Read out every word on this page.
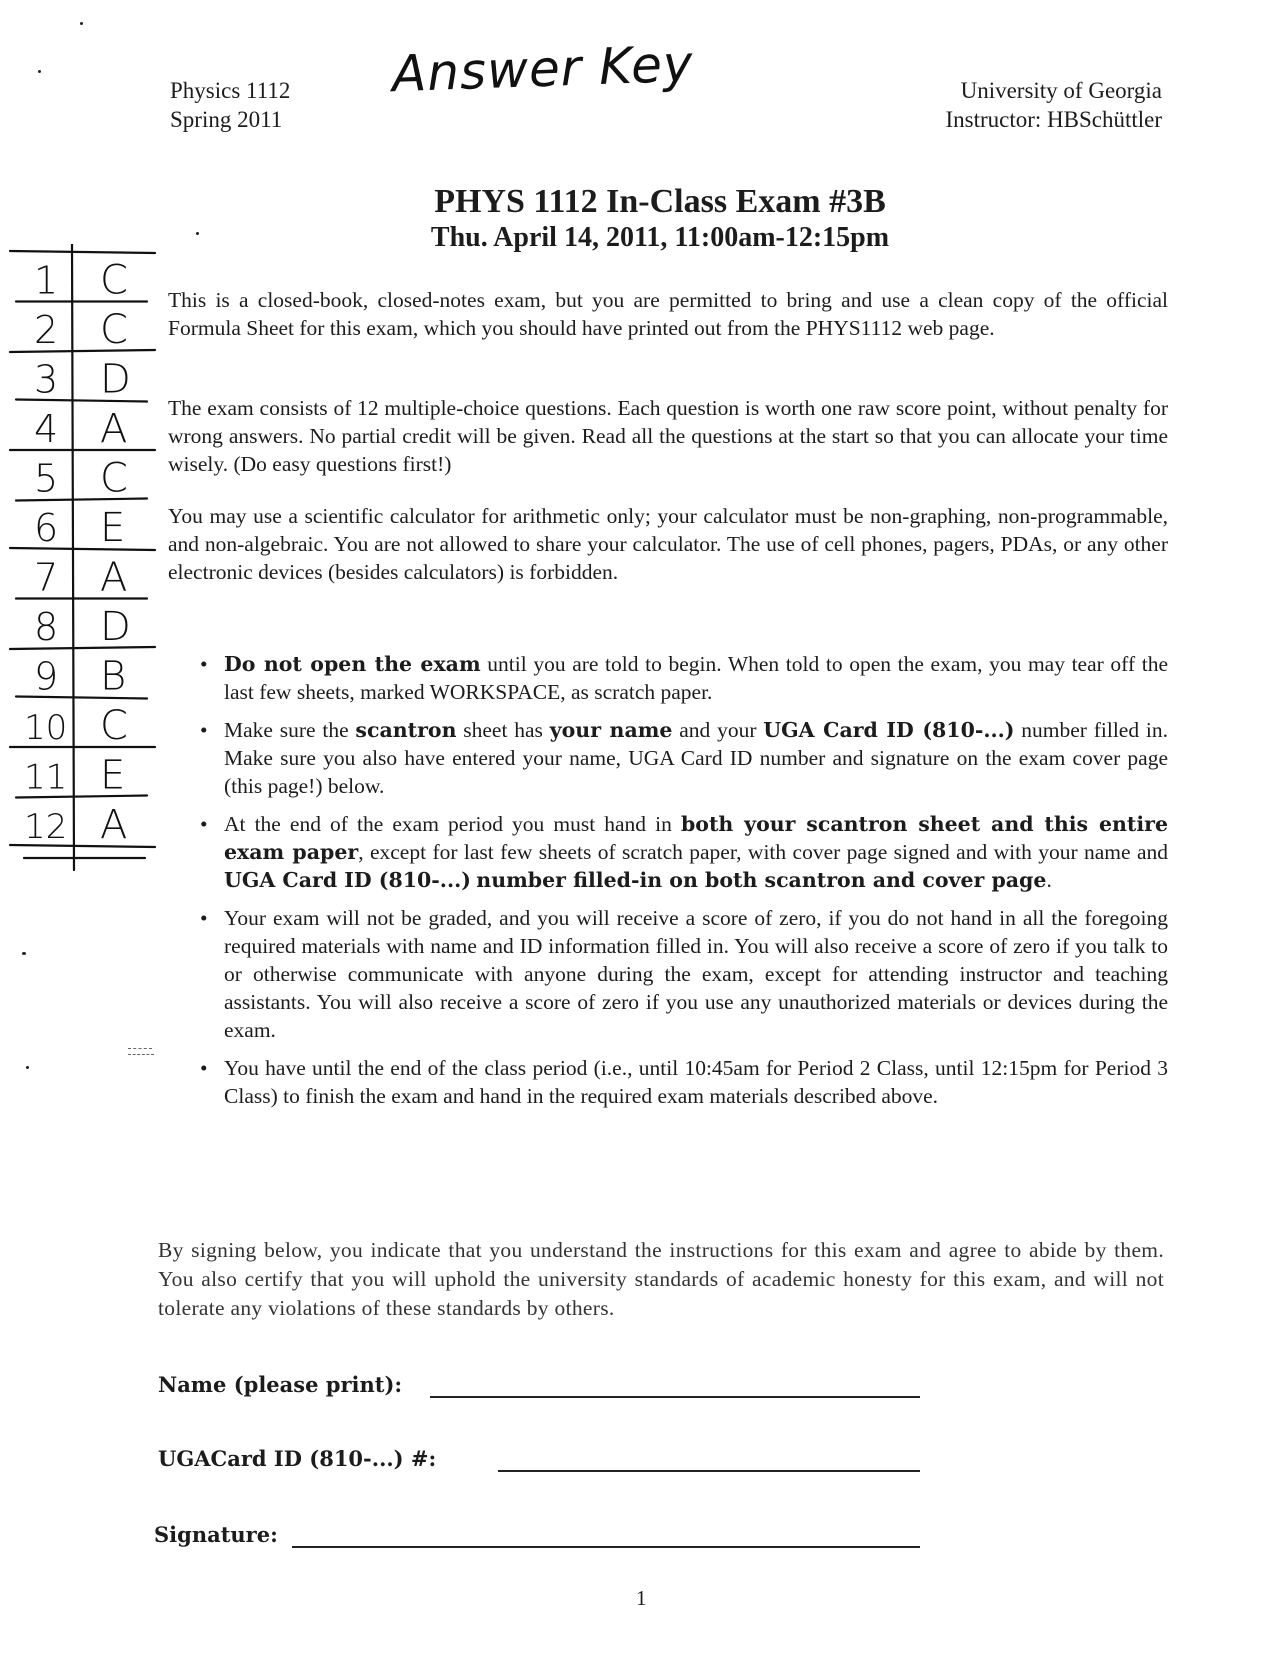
Physics 1112
Spring 2011
Answer Key	University of Georgia
Instructor: HBSchüttler
PHYS 1112 In-Class Exam #3B
Thu. April 14, 2011, 11:00am-12:15pm
1 C
2 C
3 D
4 A
5 C
6 E
7 A
8 D
9 B
10 C
11 E
12 A

This is a closed-book, closed-notes exam, but you are permitted to bring and use a clean copy of the official Formula Sheet for this exam, which you should have printed out from the PHYS1112 web page.

The exam consists of 12 multiple-choice questions. Each question is worth one raw score point, without penalty for wrong answers. No partial credit will be given. Read all the questions at the start so that you can allocate your time wisely. (Do easy questions first!)

You may use a scientific calculator for arithmetic only; your calculator must be non-graphing, non-programmable, and non-algebraic. You are not allowed to share your calculator. The use of cell phones, pagers, PDAs, or any other electronic devices (besides calculators) is forbidden.

• Do not open the exam until you are told to begin. When told to open the exam, you may tear off the last few sheets, marked WORKSPACE, as scratch paper.
• Make sure the scantron sheet has your name and your UGA Card ID (810-...) number filled in. Make sure you also have entered your name, UGA Card ID number and signature on the exam cover page (this page!) below.
• At the end of the exam period you must hand in both your scantron sheet and this entire exam paper, except for last few sheets of scratch paper, with cover page signed and with your name and UGA Card ID (810-...) number filled-in on both scantron and cover page.
• Your exam will not be graded, and you will receive a score of zero, if you do not hand in all the foregoing required materials with name and ID information filled in. You will also receive a score of zero if you talk to or otherwise communicate with anyone during the exam, except for attending instructor and teaching assistants. You will also receive a score of zero if you use any unauthorized materials or devices during the exam.
• You have until the end of the class period (i.e., until 10:45am for Period 2 Class, until 12:15pm for Period 3 Class) to finish the exam and hand in the required exam materials described above.

By signing below, you indicate that you understand the instructions for this exam and agree to abide by them. You also certify that you will uphold the university standards of academic honesty for this exam, and will not tolerate any violations of these standards by others.

Name (please print):
UGACard ID (810-...) #:
Signature:
1
